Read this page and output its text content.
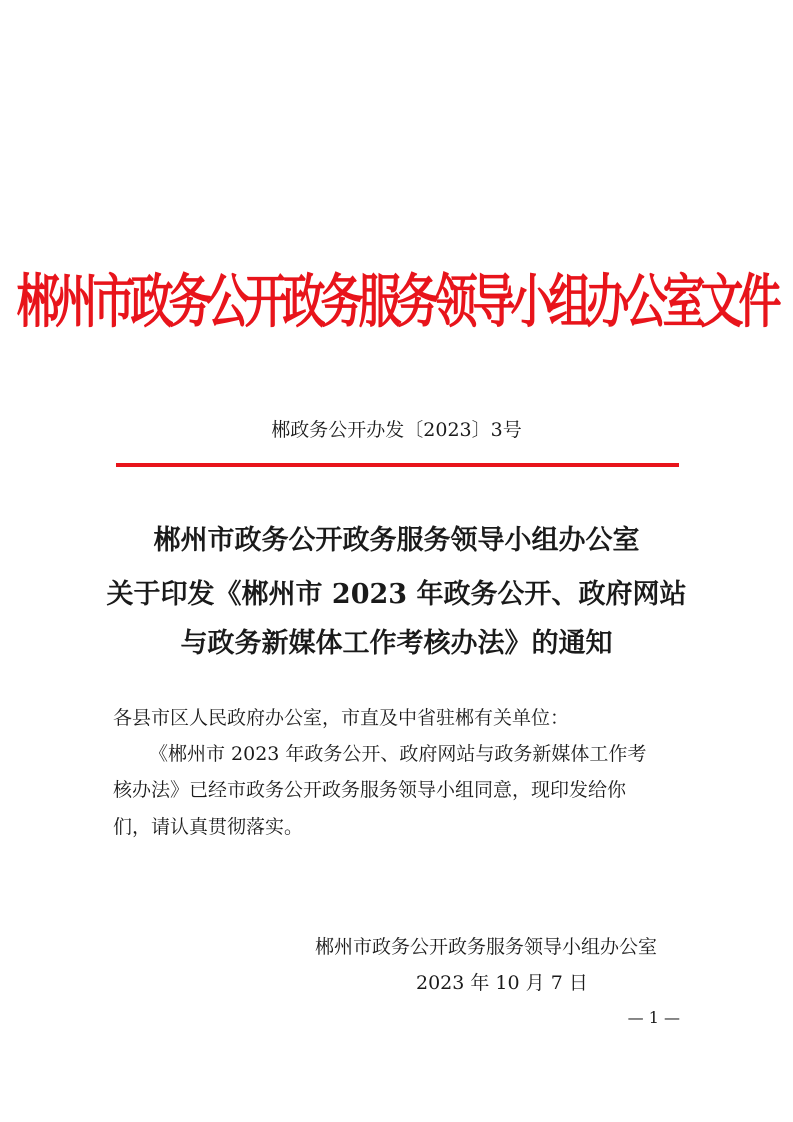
郴州市政务公开政务服务领导小组办公室文件
郴政务公开办发〔2023〕3号
郴州市政务公开政务服务领导小组办公室
关于印发《郴州市 2023 年政务公开、政府网站
与政务新媒体工作考核办法》的通知
各县市区人民政府办公室，市直及中省驻郴有关单位：
《郴州市 2023 年政务公开、政府网站与政务新媒体工作考
核办法》已经市政务公开政务服务领导小组同意，现印发给你
们，请认真贯彻落实。
郴州市政务公开政务服务领导小组办公室
2023 年 10 月 7 日
— 1 —
